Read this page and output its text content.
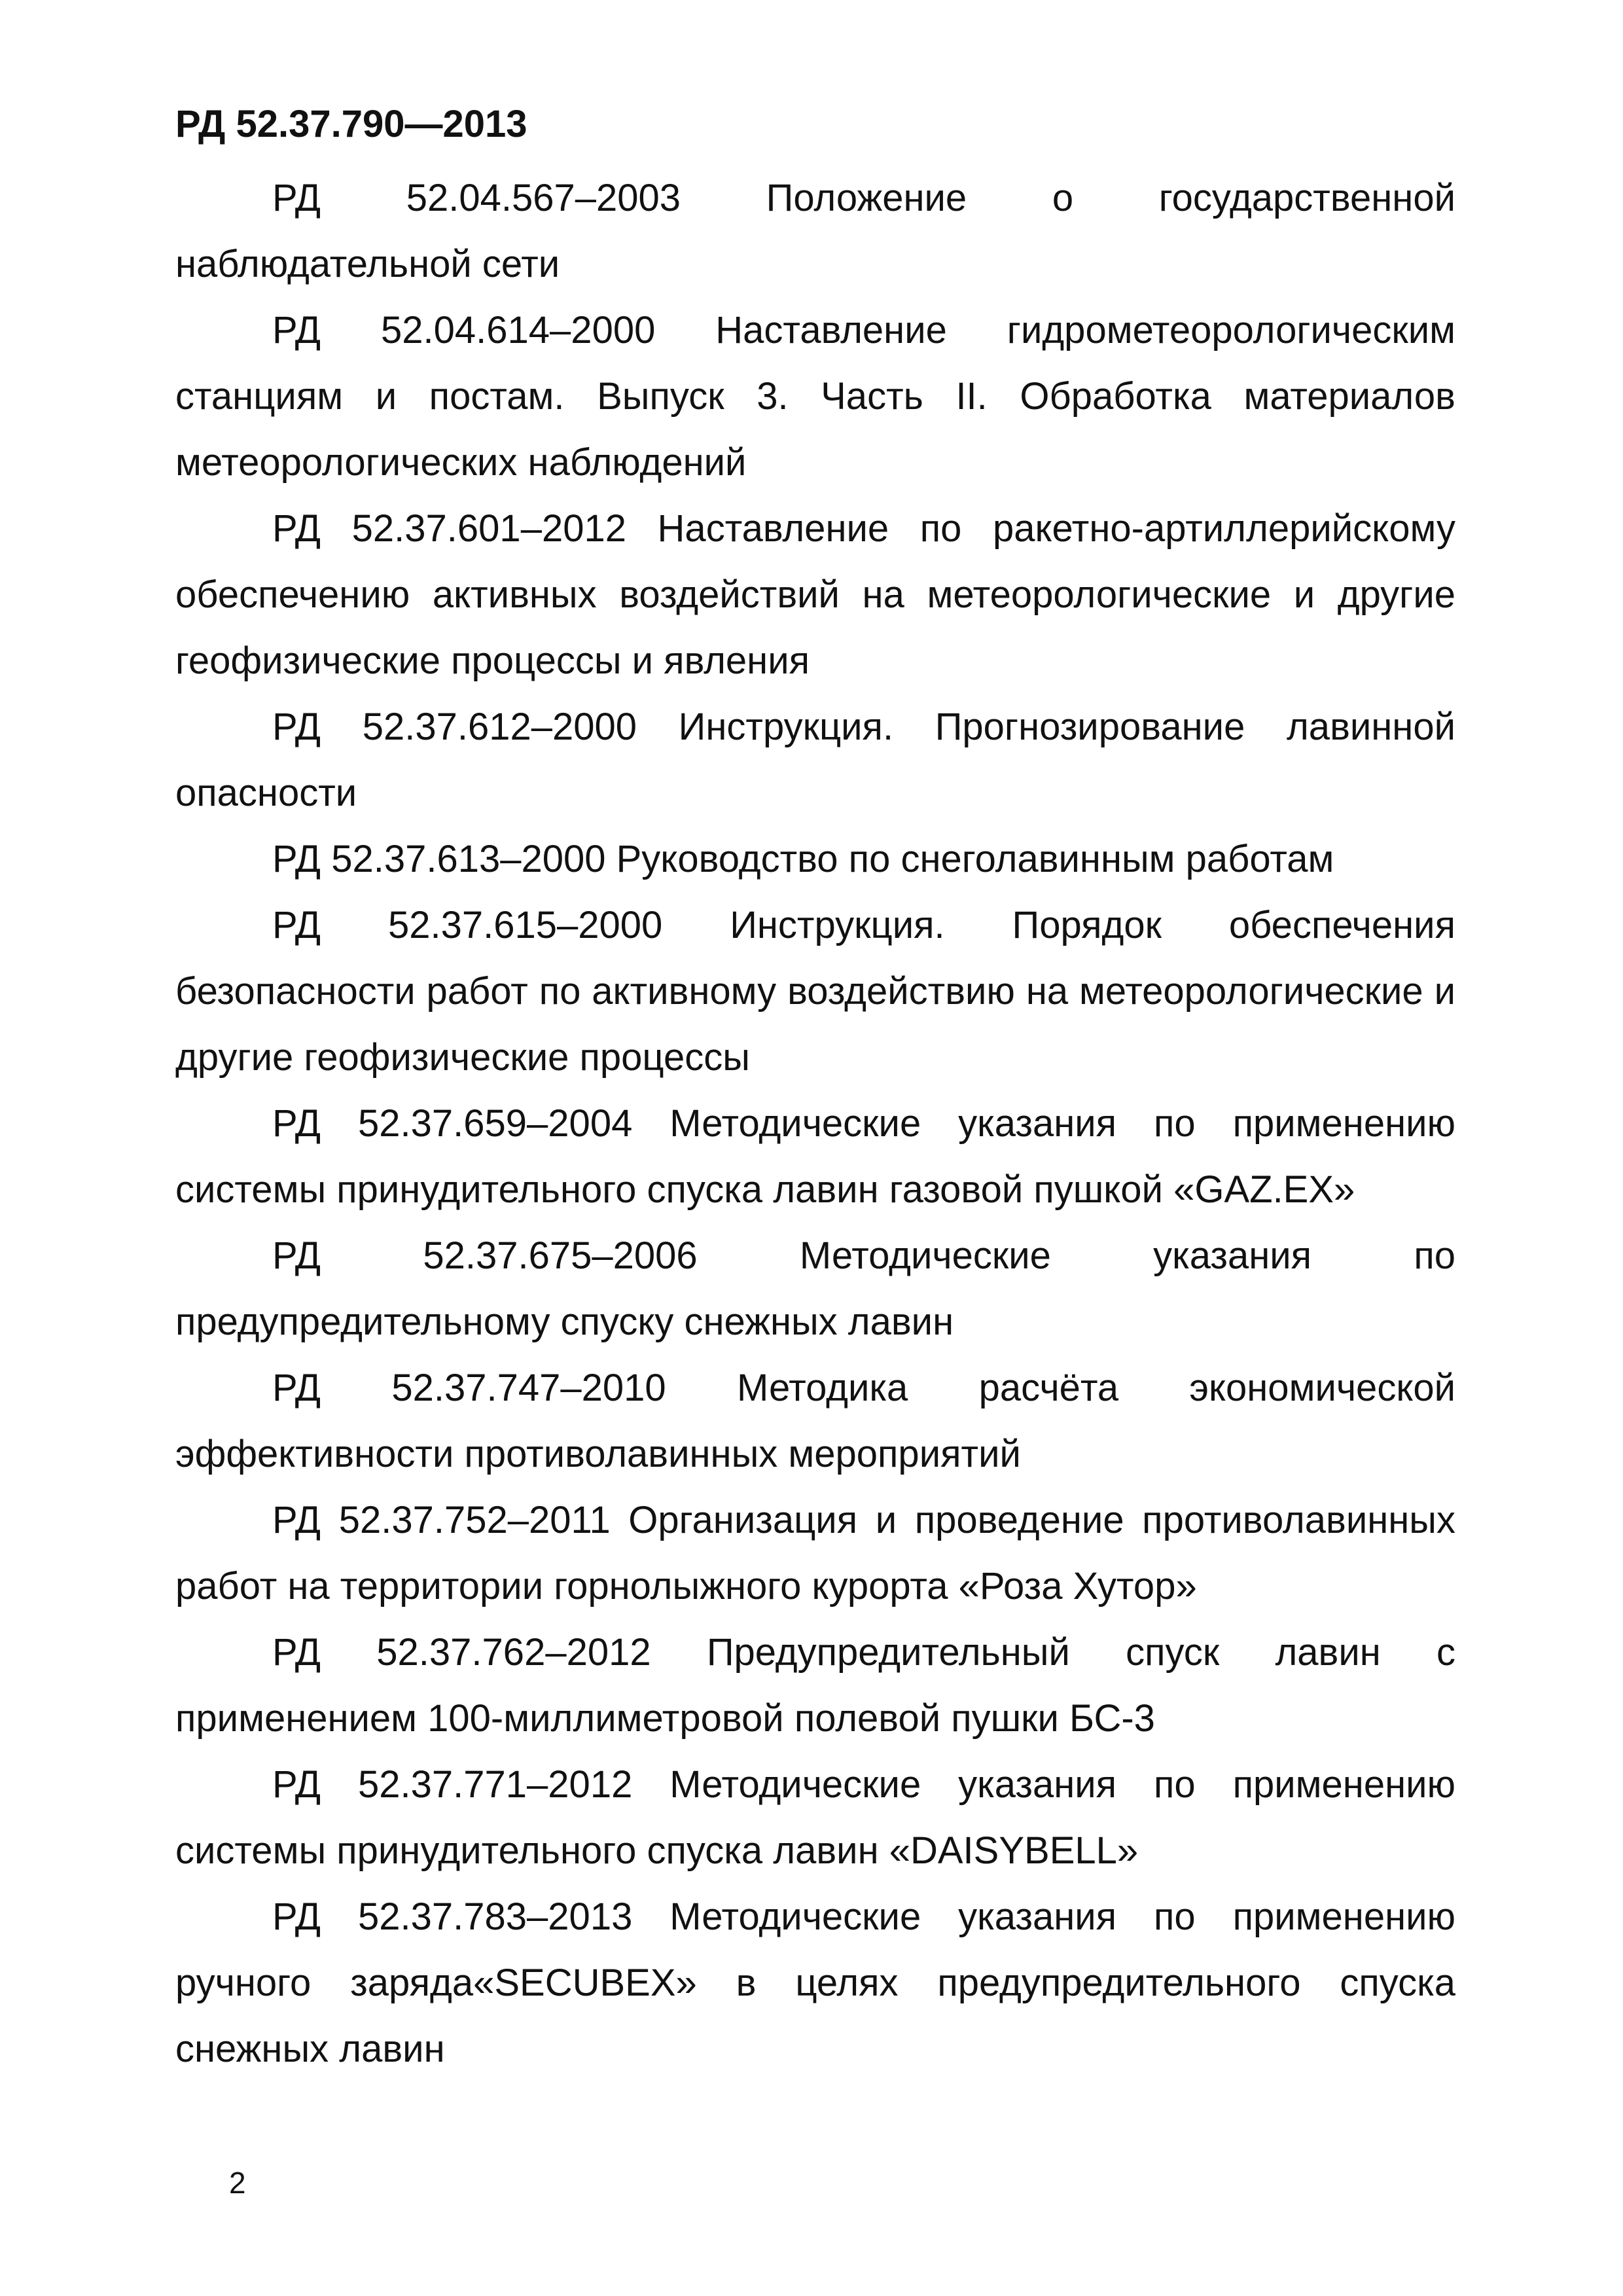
РД 52.37.790—2013

РД 52.04.567–2003 Положение о государственной наблюдательной сети

РД 52.04.614–2000 Наставление гидрометеорологическим станциям и постам. Выпуск 3. Часть II. Обработка материалов метеорологических наблюдений

РД 52.37.601–2012 Наставление по ракетно-артиллерийскому обеспечению активных воздействий на метеорологические и другие геофизические процессы и явления

РД 52.37.612–2000 Инструкция. Прогнозирование лавинной опасности

РД 52.37.613–2000 Руководство по снеголавинным работам

РД 52.37.615–2000 Инструкция. Порядок обеспечения безопасности работ по активному воздействию на метеорологические и другие геофизические процессы

РД 52.37.659–2004 Методические указания по применению системы принудительного спуска лавин газовой пушкой «GAZ.EX»

РД 52.37.675–2006 Методические указания по предупредительному спуску снежных лавин

РД 52.37.747–2010 Методика расчёта экономической эффективности противолавинных мероприятий

РД 52.37.752–2011 Организация и проведение противолавинных работ на территории горнолыжного курорта «Роза Хутор»

РД 52.37.762–2012 Предупредительный спуск лавин с применением 100-миллиметровой полевой пушки БС-3

РД 52.37.771–2012 Методические указания по применению системы принудительного спуска лавин «DAISYBELL»

РД 52.37.783–2013 Методические указания по применению ручного заряда«SECUBEX» в целях предупредительного спуска снежных лавин

2
